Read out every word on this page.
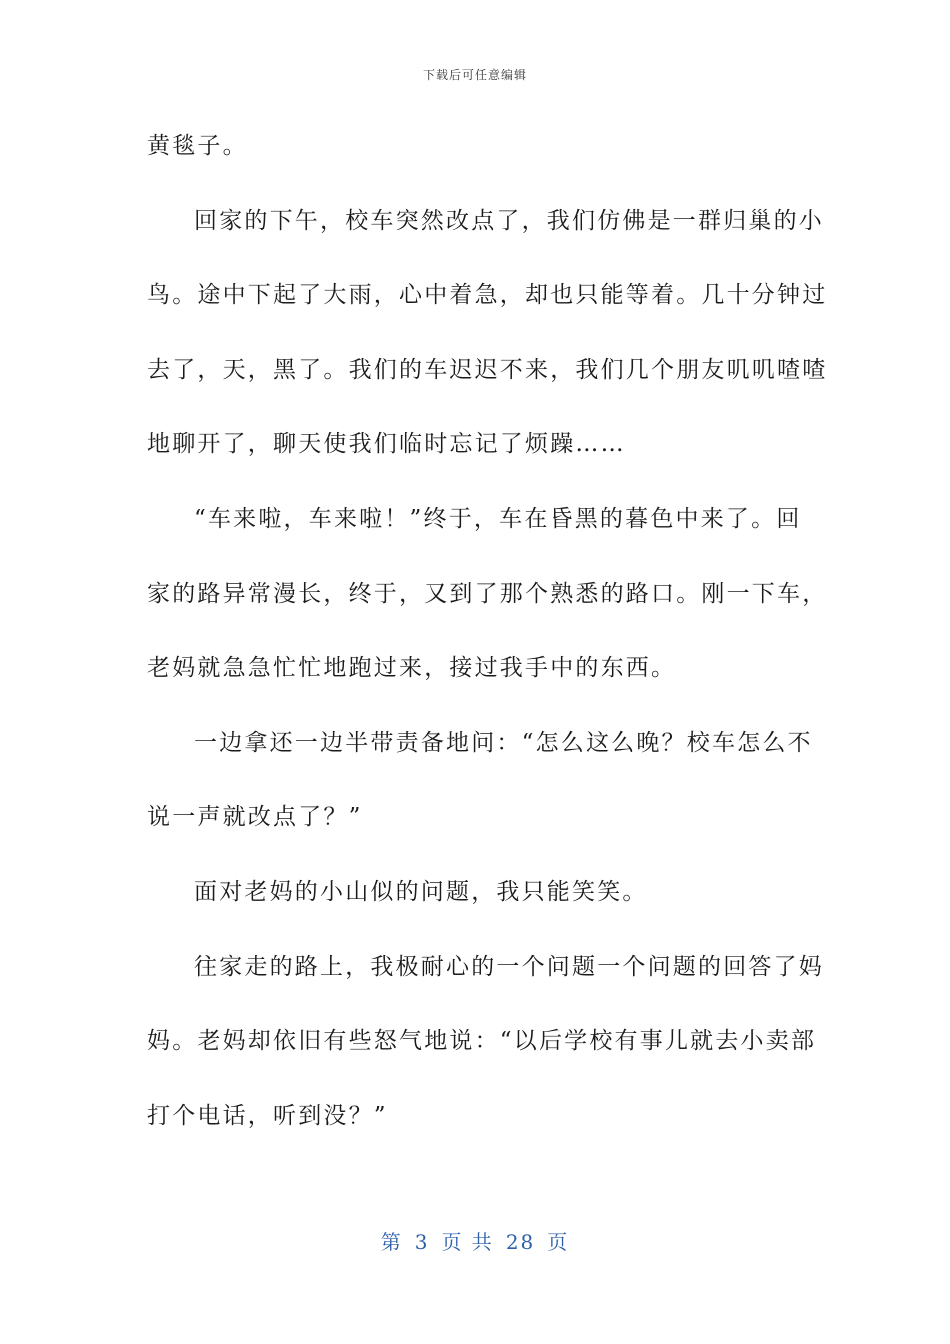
下载后可任意编辑
黄毯子。
回家的下午，校车突然改点了，我们仿佛是一群归巢的小
鸟。途中下起了大雨，心中着急，却也只能等着。几十分钟过
去了，天，黑了。我们的车迟迟不来，我们几个朋友叽叽喳喳
地聊开了，聊天使我们临时忘记了烦躁……
“车来啦，车来啦！”终于，车在昏黑的暮色中来了。回
家的路异常漫长，终于，又到了那个熟悉的路口。刚一下车，
老妈就急急忙忙地跑过来，接过我手中的东西。
一边拿还一边半带责备地问：“怎么这么晚？校车怎么不
说一声就改点了？”
面对老妈的小山似的问题，我只能笑笑。
往家走的路上，我极耐心的一个问题一个问题的回答了妈
妈。老妈却依旧有些怒气地说：“以后学校有事儿就去小卖部
打个电话，听到没？”
第 3 页 共 28 页
